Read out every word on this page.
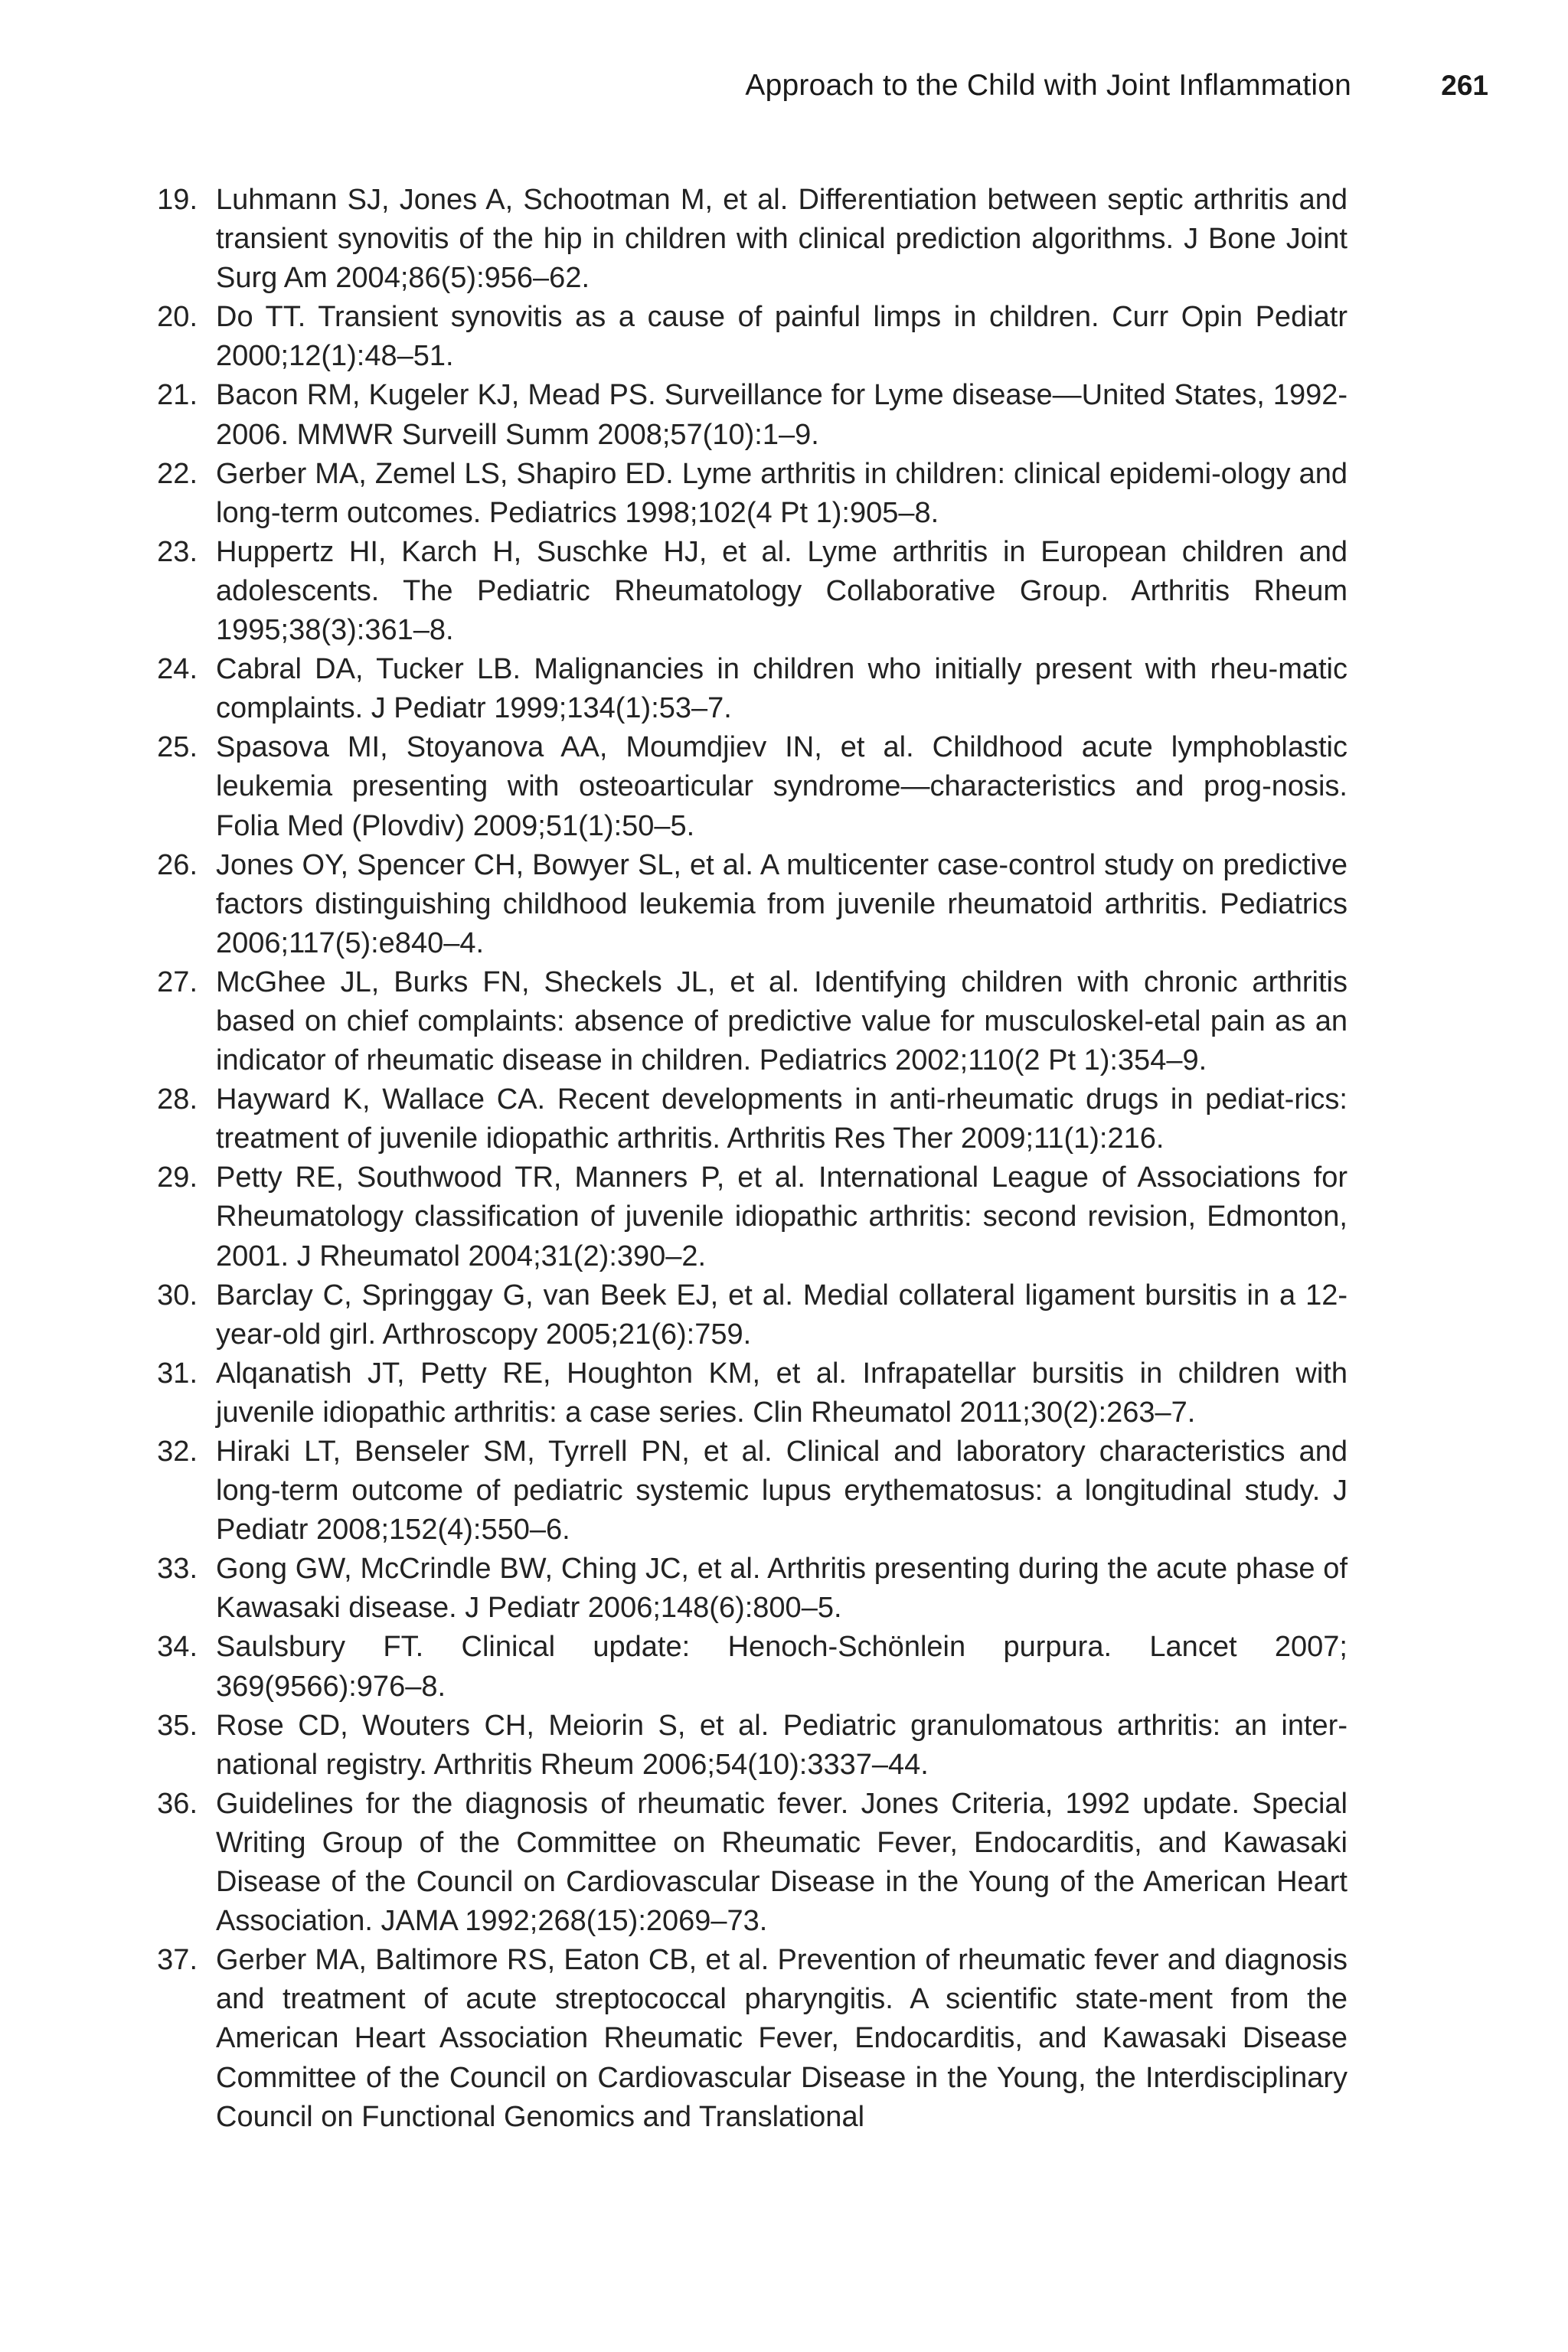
Approach to the Child with Joint Inflammation	261
19. Luhmann SJ, Jones A, Schootman M, et al. Differentiation between septic arthritis and transient synovitis of the hip in children with clinical prediction algorithms. J Bone Joint Surg Am 2004;86(5):956–62.
20. Do TT. Transient synovitis as a cause of painful limps in children. Curr Opin Pediatr 2000;12(1):48–51.
21. Bacon RM, Kugeler KJ, Mead PS. Surveillance for Lyme disease—United States, 1992-2006. MMWR Surveill Summ 2008;57(10):1–9.
22. Gerber MA, Zemel LS, Shapiro ED. Lyme arthritis in children: clinical epidemi-ology and long-term outcomes. Pediatrics 1998;102(4 Pt 1):905–8.
23. Huppertz HI, Karch H, Suschke HJ, et al. Lyme arthritis in European children and adolescents. The Pediatric Rheumatology Collaborative Group. Arthritis Rheum 1995;38(3):361–8.
24. Cabral DA, Tucker LB. Malignancies in children who initially present with rheu-matic complaints. J Pediatr 1999;134(1):53–7.
25. Spasova MI, Stoyanova AA, Moumdjiev IN, et al. Childhood acute lymphoblastic leukemia presenting with osteoarticular syndrome—characteristics and prog-nosis. Folia Med (Plovdiv) 2009;51(1):50–5.
26. Jones OY, Spencer CH, Bowyer SL, et al. A multicenter case-control study on predictive factors distinguishing childhood leukemia from juvenile rheumatoid arthritis. Pediatrics 2006;117(5):e840–4.
27. McGhee JL, Burks FN, Sheckels JL, et al. Identifying children with chronic arthritis based on chief complaints: absence of predictive value for musculoskel-etal pain as an indicator of rheumatic disease in children. Pediatrics 2002;110(2 Pt 1):354–9.
28. Hayward K, Wallace CA. Recent developments in anti-rheumatic drugs in pediat-rics: treatment of juvenile idiopathic arthritis. Arthritis Res Ther 2009;11(1):216.
29. Petty RE, Southwood TR, Manners P, et al. International League of Associations for Rheumatology classification of juvenile idiopathic arthritis: second revision, Edmonton, 2001. J Rheumatol 2004;31(2):390–2.
30. Barclay C, Springgay G, van Beek EJ, et al. Medial collateral ligament bursitis in a 12-year-old girl. Arthroscopy 2005;21(6):759.
31. Alqanatish JT, Petty RE, Houghton KM, et al. Infrapatellar bursitis in children with juvenile idiopathic arthritis: a case series. Clin Rheumatol 2011;30(2):263–7.
32. Hiraki LT, Benseler SM, Tyrrell PN, et al. Clinical and laboratory characteristics and long-term outcome of pediatric systemic lupus erythematosus: a longitudinal study. J Pediatr 2008;152(4):550–6.
33. Gong GW, McCrindle BW, Ching JC, et al. Arthritis presenting during the acute phase of Kawasaki disease. J Pediatr 2006;148(6):800–5.
34. Saulsbury FT. Clinical update: Henoch-Schönlein purpura. Lancet 2007; 369(9566):976–8.
35. Rose CD, Wouters CH, Meiorin S, et al. Pediatric granulomatous arthritis: an inter-national registry. Arthritis Rheum 2006;54(10):3337–44.
36. Guidelines for the diagnosis of rheumatic fever. Jones Criteria, 1992 update. Special Writing Group of the Committee on Rheumatic Fever, Endocarditis, and Kawasaki Disease of the Council on Cardiovascular Disease in the Young of the American Heart Association. JAMA 1992;268(15):2069–73.
37. Gerber MA, Baltimore RS, Eaton CB, et al. Prevention of rheumatic fever and diagnosis and treatment of acute streptococcal pharyngitis. A scientific state-ment from the American Heart Association Rheumatic Fever, Endocarditis, and Kawasaki Disease Committee of the Council on Cardiovascular Disease in the Young, the Interdisciplinary Council on Functional Genomics and Translational
